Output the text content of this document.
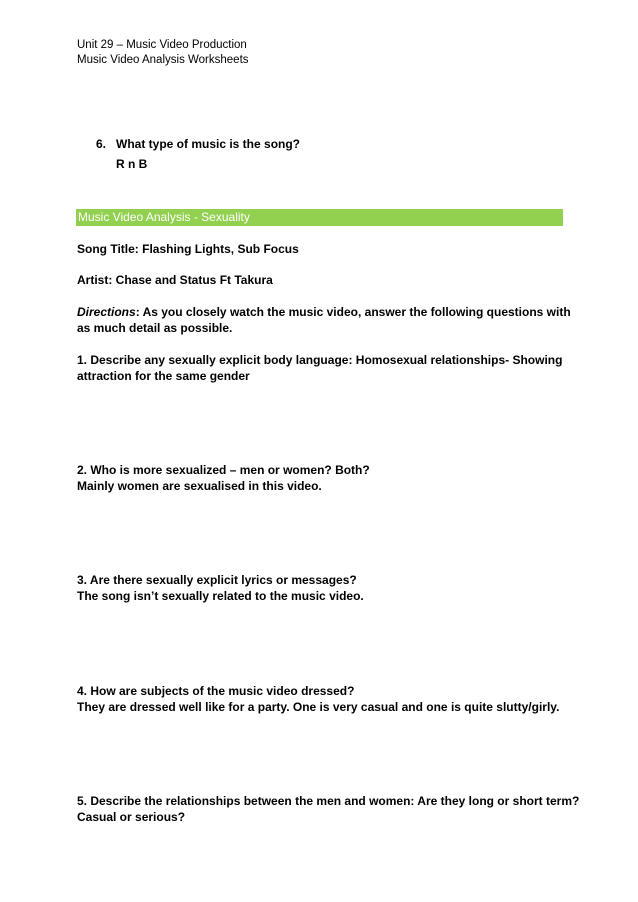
Unit 29 – Music Video Production
Music Video Analysis Worksheets
6. What type of music is the song?
R n B
Music Video Analysis - Sexuality
Song Title: Flashing Lights, Sub Focus
Artist: Chase and Status Ft Takura
Directions: As you closely watch the music video, answer the following questions with
as much detail as possible.
1. Describe any sexually explicit body language: Homosexual relationships- Showing
attraction for the same gender
2. Who is more sexualized – men or women? Both?
Mainly women are sexualised in this video.
3. Are there sexually explicit lyrics or messages?
The song isn’t sexually related to the music video.
4. How are subjects of the music video dressed?
They are dressed well like for a party. One is very casual and one is quite slutty/girly.
5. Describe the relationships between the men and women: Are they long or short term?
Casual or serious?
